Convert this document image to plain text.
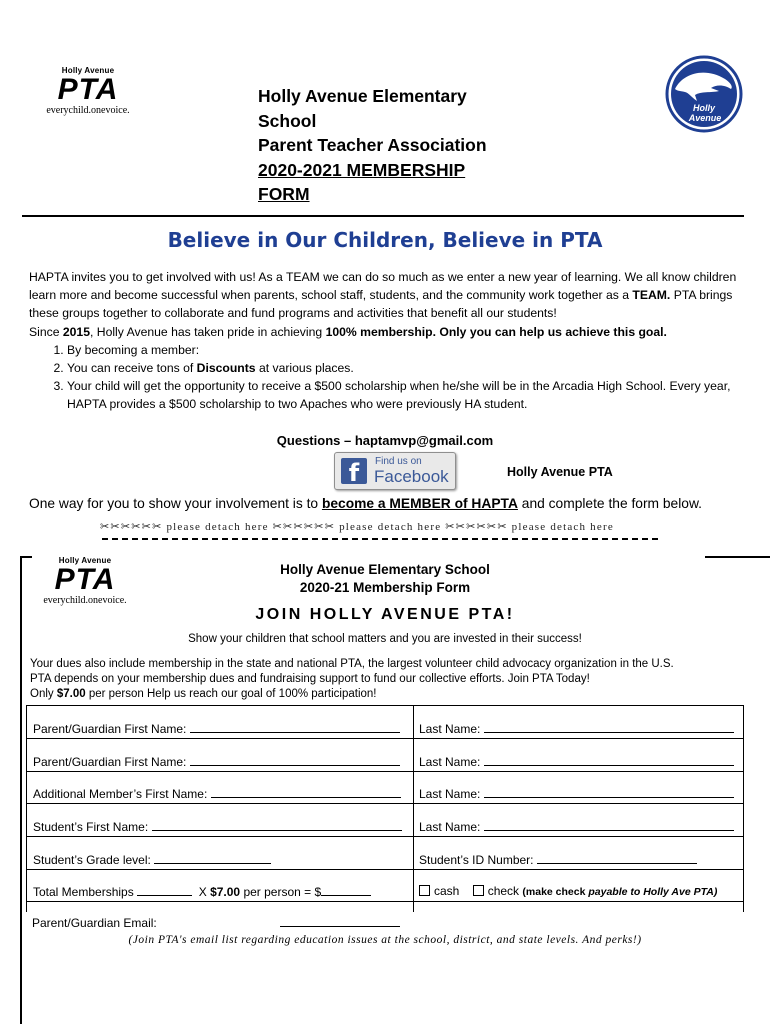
Holly Avenue
PTA
everychild.onevoice.
Holly Avenue Elementary
School
Parent Teacher Association
2020-2021 MEMBERSHIP
FORM
Holly
Avenue
Believe in Our Children, Believe in PTA

HAPTA invites you to get involved with us! As a TEAM we can do so much as we enter a new year of learning. We all know children learn more and become successful when parents, school staff, students, and the community work together as a TEAM. PTA brings these groups together to collaborate and fund programs and activities that benefit all our students!

Since 2015, Holly Avenue has taken pride in achieving 100% membership. Only you can help us achieve this goal.

1. By becoming a member:
2. You can receive tons of Discounts at various places.
3. Your child will get the opportunity to receive a $500 scholarship when he/she will be in the Arcadia High School. Every year, HAPTA provides a $500 scholarship to two Apaches who were previously HA student.
Questions – haptamvp@gmail.com
f	Find us on
Facebook	Holly Avenue PTA
One way for you to show your involvement is to become a MEMBER of HAPTA and complete the form below.
✂✂✂✂✂✂ please detach here ✂✂✂✂✂✂ please detach here ✂✂✂✂✂✂ please detach here
Holly Avenue
PTA
everychild.onevoice.
Holly Avenue Elementary School
2020-21 Membership Form
JOIN HOLLY AVENUE PTA!
Show your children that school matters and you are invested in their success!
Your dues also include membership in the state and national PTA, the largest volunteer child advocacy organization in the U.S.
PTA depends on your membership dues and fundraising support to fund our collective efforts. Join PTA Today!
Only $7.00 per person Help us reach our goal of 100% participation!
Parent/Guardian First Name:	Last Name:
Parent/Guardian First Name:	Last Name:
Additional Member’s First Name:	Last Name:
Student’s First Name:	Last Name:
Student’s Grade level:	Student’s ID Number:
Total Memberships	X $7.00 per person = $	cash check (make check payable to Holly Ave PTA)
Parent/Guardian Email:
(Join PTA's email list regarding education issues at the school, district, and state levels. And perks!)
